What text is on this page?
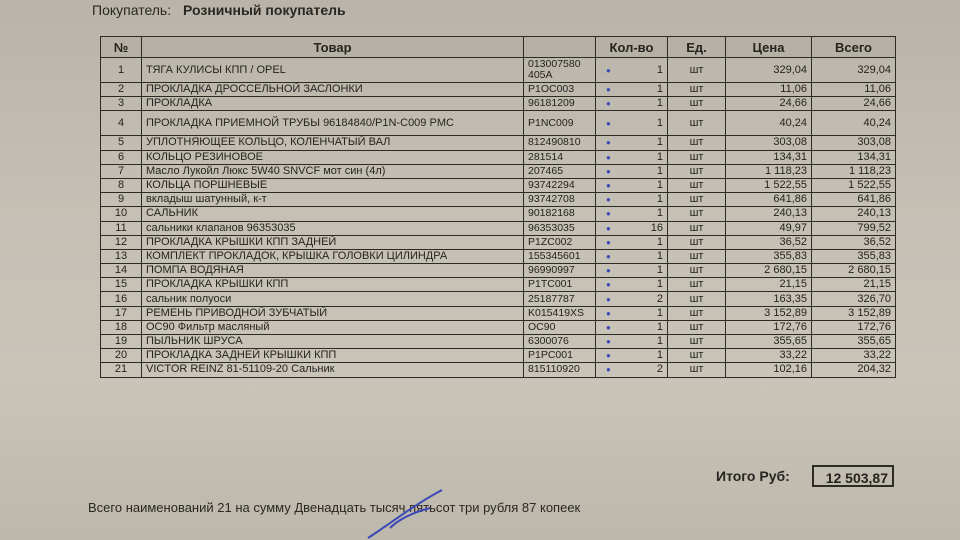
Покупатель: Розничный покупатель
№	Товар		Кол-во	Ед.	Цена	Всего
1	ТЯГА КУЛИСЫ КПП / OPEL	013007580 405A	● 1	шт	329,04	329,04
2	ПРОКЛАДКА ДРОССЕЛЬНОЙ ЗАСЛОНКИ	P1OC003	● 1	шт	11,06	11,06
3	ПРОКЛАДКА	96181209	● 1	шт	24,66	24,66
4	ПРОКЛАДКА ПРИЕМНОЙ ТРУБЫ 96184840/P1N-C009 PMC	P1NC009	● 1	шт	40,24	40,24
5	УПЛОТНЯЮЩЕЕ КОЛЬЦО, КОЛЕНЧАТЫЙ ВАЛ	812490810	● 1	шт	303,08	303,08
6	КОЛЬЦО РЕЗИНОВОЕ	281514	● 1	шт	134,31	134,31
7	Масло Лукойл Люкс 5W40 SNVCF мот син (4л)	207465	● 1	шт	1 118,23	1 118,23
8	КОЛЬЦА ПОРШНЕВЫЕ	93742294	● 1	шт	1 522,55	1 522,55
9	вкладыш шатунный, к-т	93742708	● 1	шт	641,86	641,86
10	САЛЬНИК	90182168	● 1	шт	240,13	240,13
11	сальники клапанов 96353035	96353035	● 16	шт	49,97	799,52
12	ПРОКЛАДКА КРЫШКИ КПП ЗАДНЕЙ	P1ZC002	● 1	шт	36,52	36,52
13	КОМПЛЕКТ ПРОКЛАДОК, КРЫШКА ГОЛОВКИ ЦИЛИНДРА	155345601	● 1	шт	355,83	355,83
14	ПОМПА ВОДЯНАЯ	96990997	● 1	шт	2 680,15	2 680,15
15	ПРОКЛАДКА КРЫШКИ КПП	P1TC001	● 1	шт	21,15	21,15
16	сальник полуоси	25187787	● 2	шт	163,35	326,70
17	РЕМЕНЬ ПРИВОДНОЙ ЗУБЧАТЫЙ	K015419XS	● 1	шт	3 152,89	3 152,89
18	OC90 Фильтр масляный	OC90	● 1	шт	172,76	172,76
19	ПЫЛЬНИК ШРУСА	6300076	● 1	шт	355,65	355,65
20	ПРОКЛАДКА ЗАДНЕЙ КРЫШКИ КПП	P1PC001	● 1	шт	33,22	33,22
21	VICTOR REINZ 81-51109-20 Сальник	815110920	● 2	шт	102,16	204,32
Итого Руб:	12 503,87
Всего наименований 21 на сумму Двенадцать тысяч пятьсот три рубля 87 копеек
